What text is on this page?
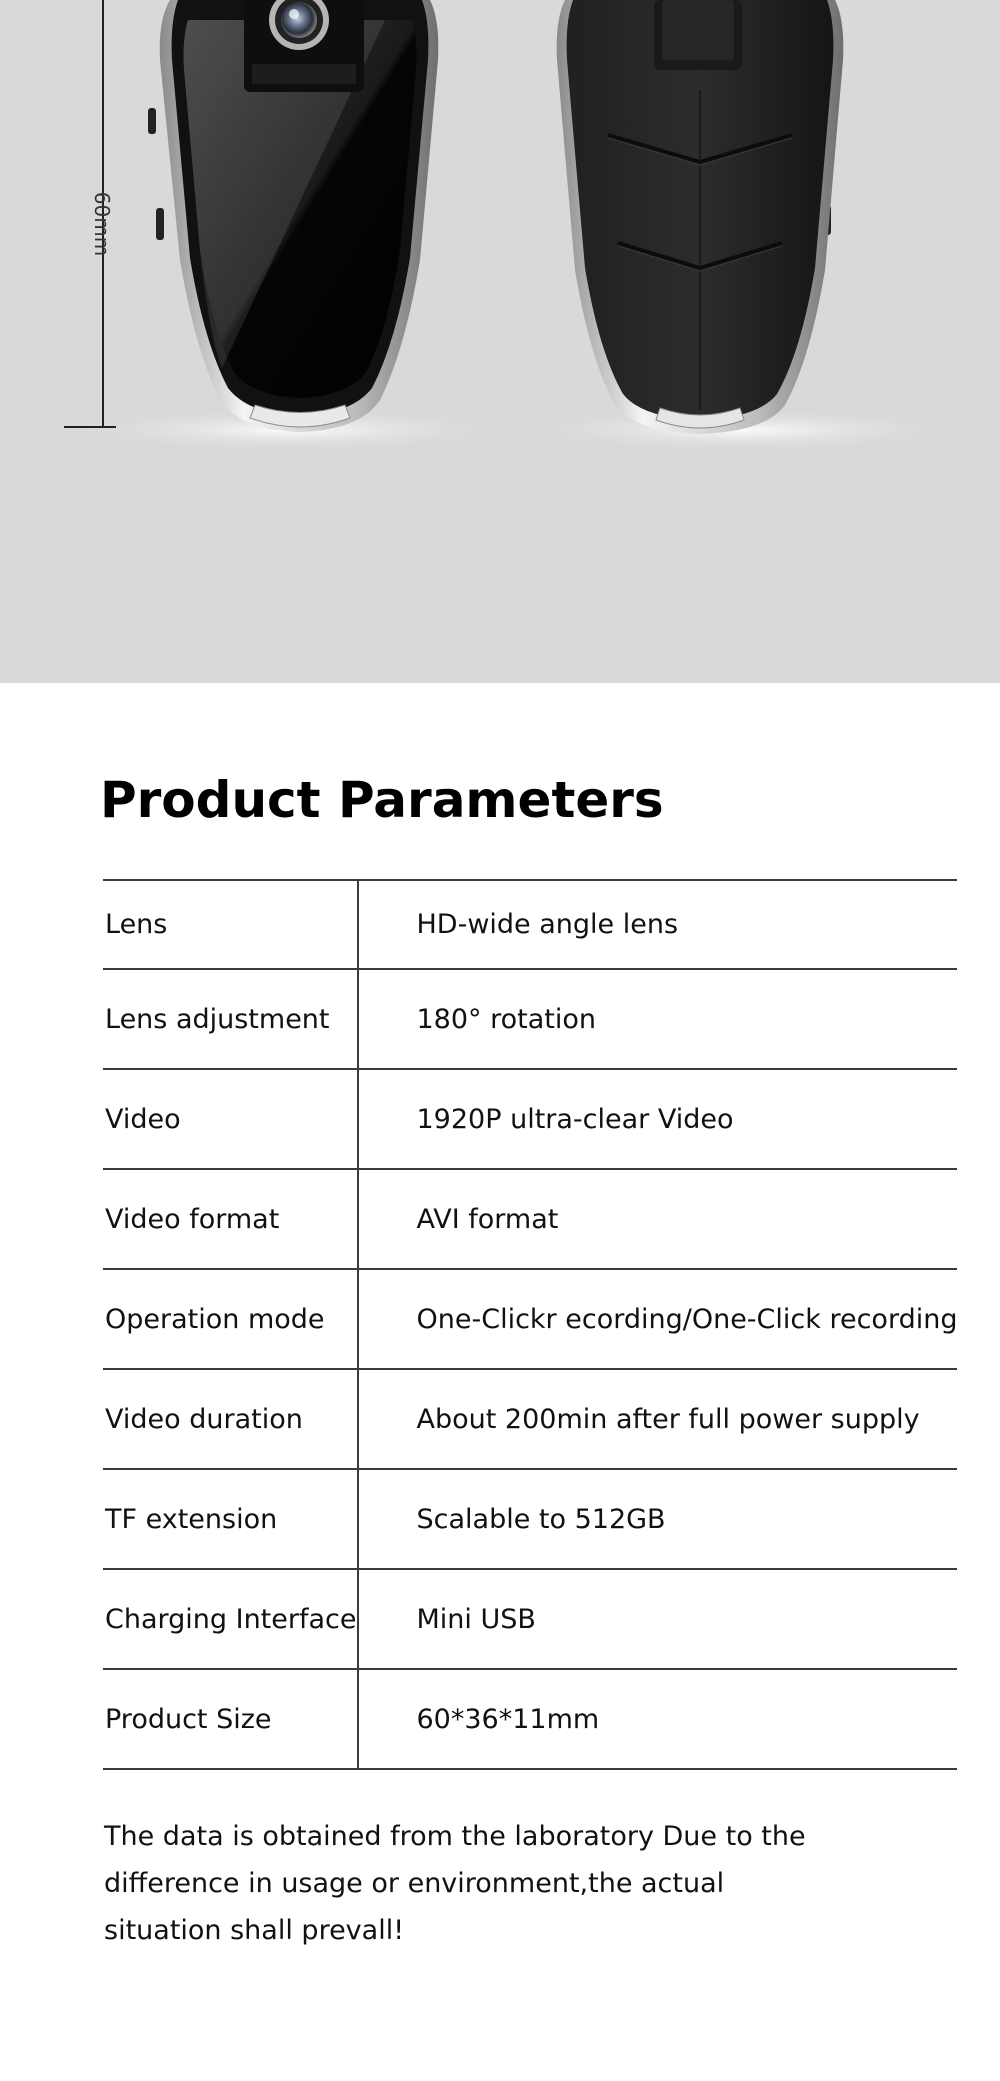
60mm
Product Parameters
Lens	HD-wide angle lens
Lens adjustment	180° rotation
Video	1920P ultra-clear Video
Video format	AVI format
Operation mode	One-Clickr ecording/One-Click recording
Video duration	About 200min after full power supply
TF extension	Scalable to 512GB
Charging Interface	Mini USB
Product Size	60*36*11mm

The data is obtained from the laboratory Due to the difference in usage or environment,the actual situation shall prevall!
